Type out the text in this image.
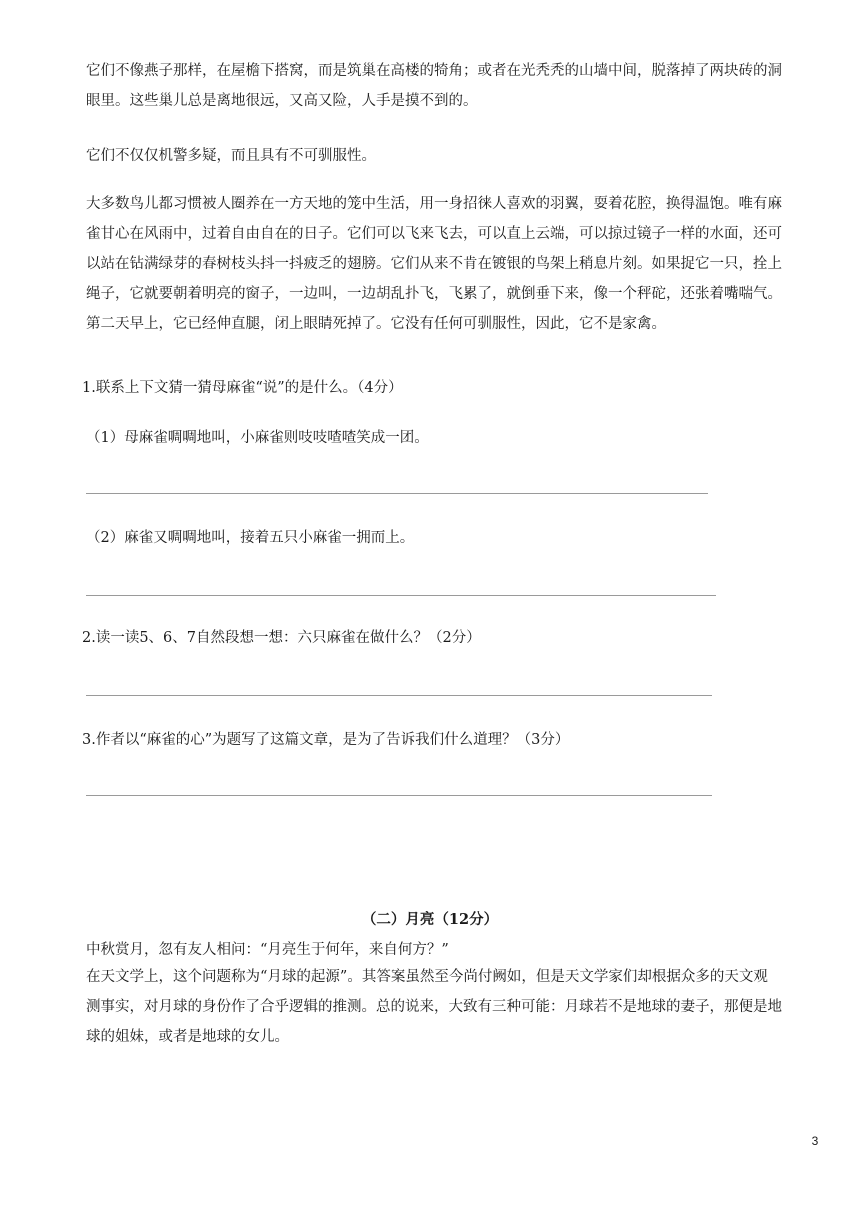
它们不像燕子那样，在屋檐下搭窝，而是筑巢在高楼的犄角；或者在光秃秃的山墙中间，脱落掉了两块砖的洞眼里。这些巢儿总是离地很远，又高又险，人手是摸不到的。

它们不仅仅机警多疑，而且具有不可驯服性。

大多数鸟儿都习惯被人圈养在一方天地的笼中生活，用一身招徕人喜欢的羽翼，耍着花腔，换得温饱。唯有麻雀甘心在风雨中，过着自由自在的日子。它们可以飞来飞去，可以直上云端，可以掠过镜子一样的水面，还可以站在钻满绿芽的春树枝头抖一抖疲乏的翅膀。它们从来不肯在镀银的鸟架上稍息片刻。如果捉它一只，拴上绳子，它就要朝着明亮的窗子，一边叫，一边胡乱扑飞，飞累了，就倒垂下来，像一个秤砣，还张着嘴喘气。第二天早上，它已经伸直腿，闭上眼睛死掉了。它没有任何可驯服性，因此，它不是家禽。

1.联系上下文猜一猜母麻雀“说”的是什么。（4分）

（1）母麻雀啁啁地叫，小麻雀则吱吱喳喳笑成一团。

（2）麻雀又啁啁地叫，接着五只小麻雀一拥而上。

2.读一读5、6、7自然段想一想：六只麻雀在做什么？（2分）

3.作者以“麻雀的心”为题写了这篇文章，是为了告诉我们什么道理？（3分）

（二）月亮（12分）

中秋赏月，忽有友人相问：“月亮生于何年，来自何方？”

在天文学上，这个问题称为“月球的起源”。其答案虽然至今尚付阙如，但是天文学家们却根据众多的天文观测事实，对月球的身份作了合乎逻辑的推测。总的说来，大致有三种可能：月球若不是地球的妻子，那便是地球的姐妹，或者是地球的女儿。

3
